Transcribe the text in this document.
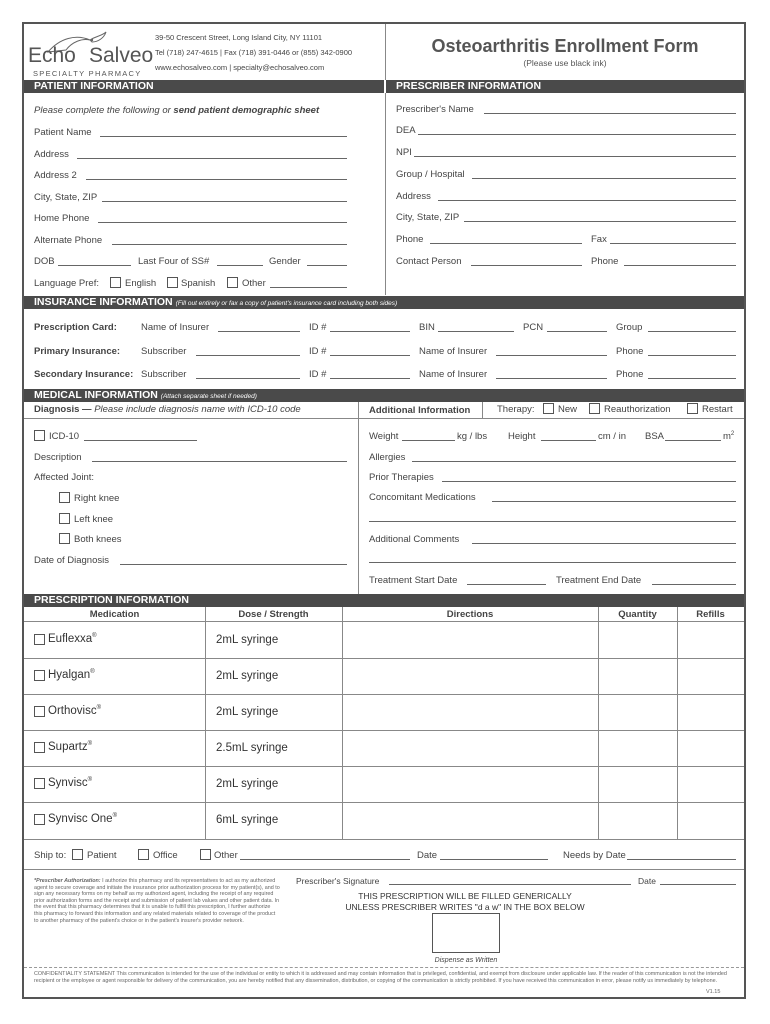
Echo Salveo
SPECIALTY PHARMACY
39-50 Crescent Street, Long Island City, NY 11101
Tel (718) 247-4615 | Fax (718) 391-0446 or (855) 342-0900
www.echosalveo.com | specialty@echosalveo.com
Osteoarthritis Enrollment Form
(Please use black ink)
PATIENT INFORMATION	PRESCRIBER INFORMATION
Please complete the following or send patient demographic sheet
Patient Name
Address
Address 2
City, State, ZIP
Home Phone
Alternate Phone
DOB	Last Four of SS#	Gender
Language Pref:	English	Spanish	Other
Prescriber's Name
DEA
NPI
Group / Hospital
Address
City, State, ZIP
Phone	Fax
Contact Person	Phone
INSURANCE INFORMATION (Fill out entirely or fax a copy of patient's insurance card including both sides)
Prescription Card:	Name of Insurer	ID #	BIN	PCN	Group
Primary Insurance: Subscriber	ID #	Name of Insurer	Phone
Secondary Insurance: Subscriber	ID #	Name of Insurer	Phone
MEDICAL INFORMATION (Attach separate sheet if needed)
Diagnosis — Please include diagnosis name with ICD-10 code	Additional Information	Therapy: New	Reauthorization	Restart
ICD-10
Description
Affected Joint:
Right knee
Left knee
Both knees
Date of Diagnosis
Weight	kg / lbs Height	cm / in BSA	$m^2$
Allergies
Prior Therapies
Concomitant Medications
Additional Comments
Treatment Start Date	Treatment End Date
PRESCRIPTION INFORMATION
Medication	Dose / Strength	Directions	Quantity	Refills
Euflexxa®	2mL syringe
Hyalgan®	2mL syringe
Orthovisc®	2mL syringe
Supartz®	2.5mL syringe
Synvisc®	2mL syringe
Synvisc One®	6mL syringe
Ship to: Patient	Office	Other	Date	Needs by Date
*Prescriber Authorization: I authorize this pharmacy and its representatives to act as my authorized agent to secure coverage and initiate the insurance prior authorization process for my patient(s), and to sign any necessary forms on my behalf as my authorized agent, including the receipt of any required prior authorization forms and the receipt and submission of patient lab values and other patient data. In the event that this pharmacy determines that it is unable to fulfill this prescription, I further authorize this pharmacy to forward this information and any related materials related to coverage of the product to another pharmacy of the patient's choice or in the patient's insurer's provider network.
Prescriber's Signature	Date
THIS PRESCRIPTION WILL BE FILLED GENERICALLY
UNLESS PRESCRIBER WRITES "d a w" IN THE BOX BELOW
Dispense as Written
CONFIDENTIALITY STATEMENT This communication is intended for the use of the individual or entity to which it is addressed and may contain information that is privileged, confidential, and exempt from disclosure under applicable law. If the reader of this communication is not the intended recipient or the employee or agent responsible for delivery of the communication, you are hereby notified that any dissemination, distribution, or copying of the communication is strictly prohibited. If you have received this communication in error, please notify us immediately by telephone.
V1.15
